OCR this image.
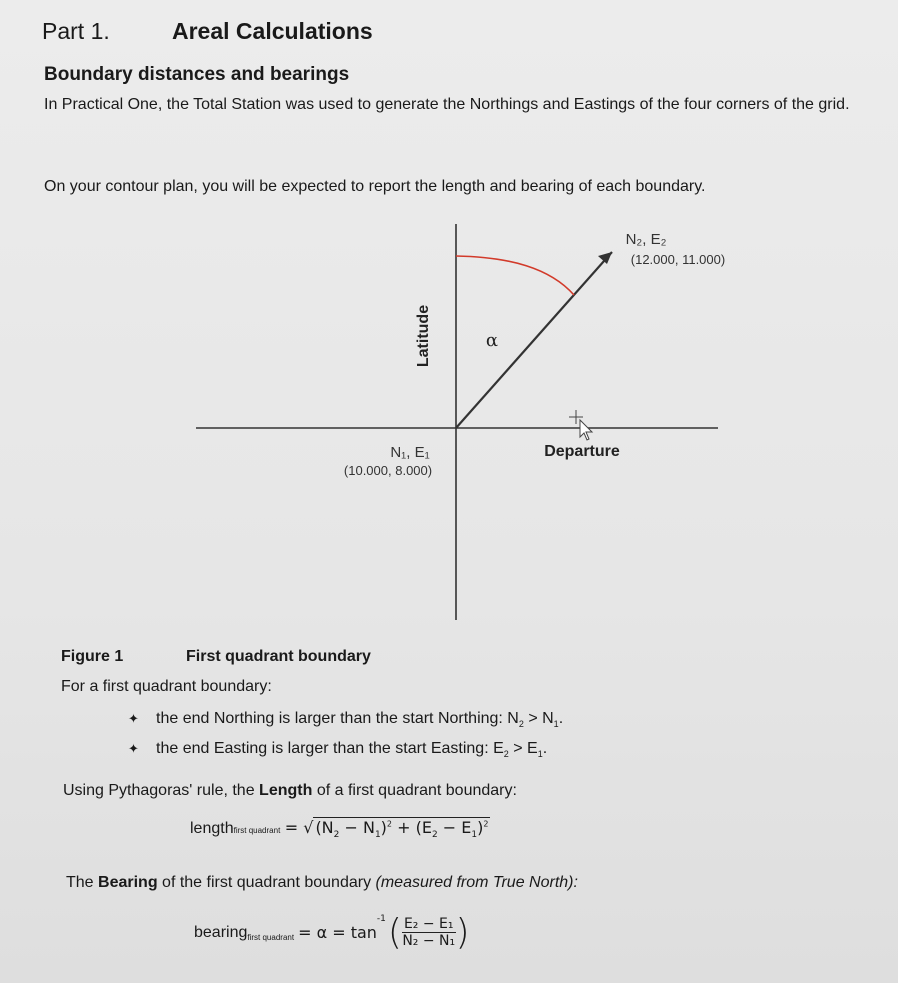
Part 1.	Areal Calculations
Boundary distances and bearings
In Practical One, the Total Station was used to generate the Northings and Eastings of the four corners of the grid.
On your contour plan, you will be expected to report the length and bearing of each boundary.
Latitude
Departure
α
N₁, E₁
(10.000, 8.000)
N₂, E₂
(12.000, 11.000)
Figure 1	First quadrant boundary
For a first quadrant boundary:
✦ the end Northing is larger than the start Northing: $N_2 > N_1$.
✦ the end Easting is larger than the start Easting: $E_2 > E_1$.
Using Pythagoras' rule, the Length of a first quadrant boundary:
lengthfirst quadrant = √ $(N_2 - N_1)^2 + (E_2 - E_1)^2$
The Bearing of the first quadrant boundary (measured from True North):
bearing first quadrant = α = tan
$^{-1}$ ( E₂ − E₁
N₂ − N₁ )
